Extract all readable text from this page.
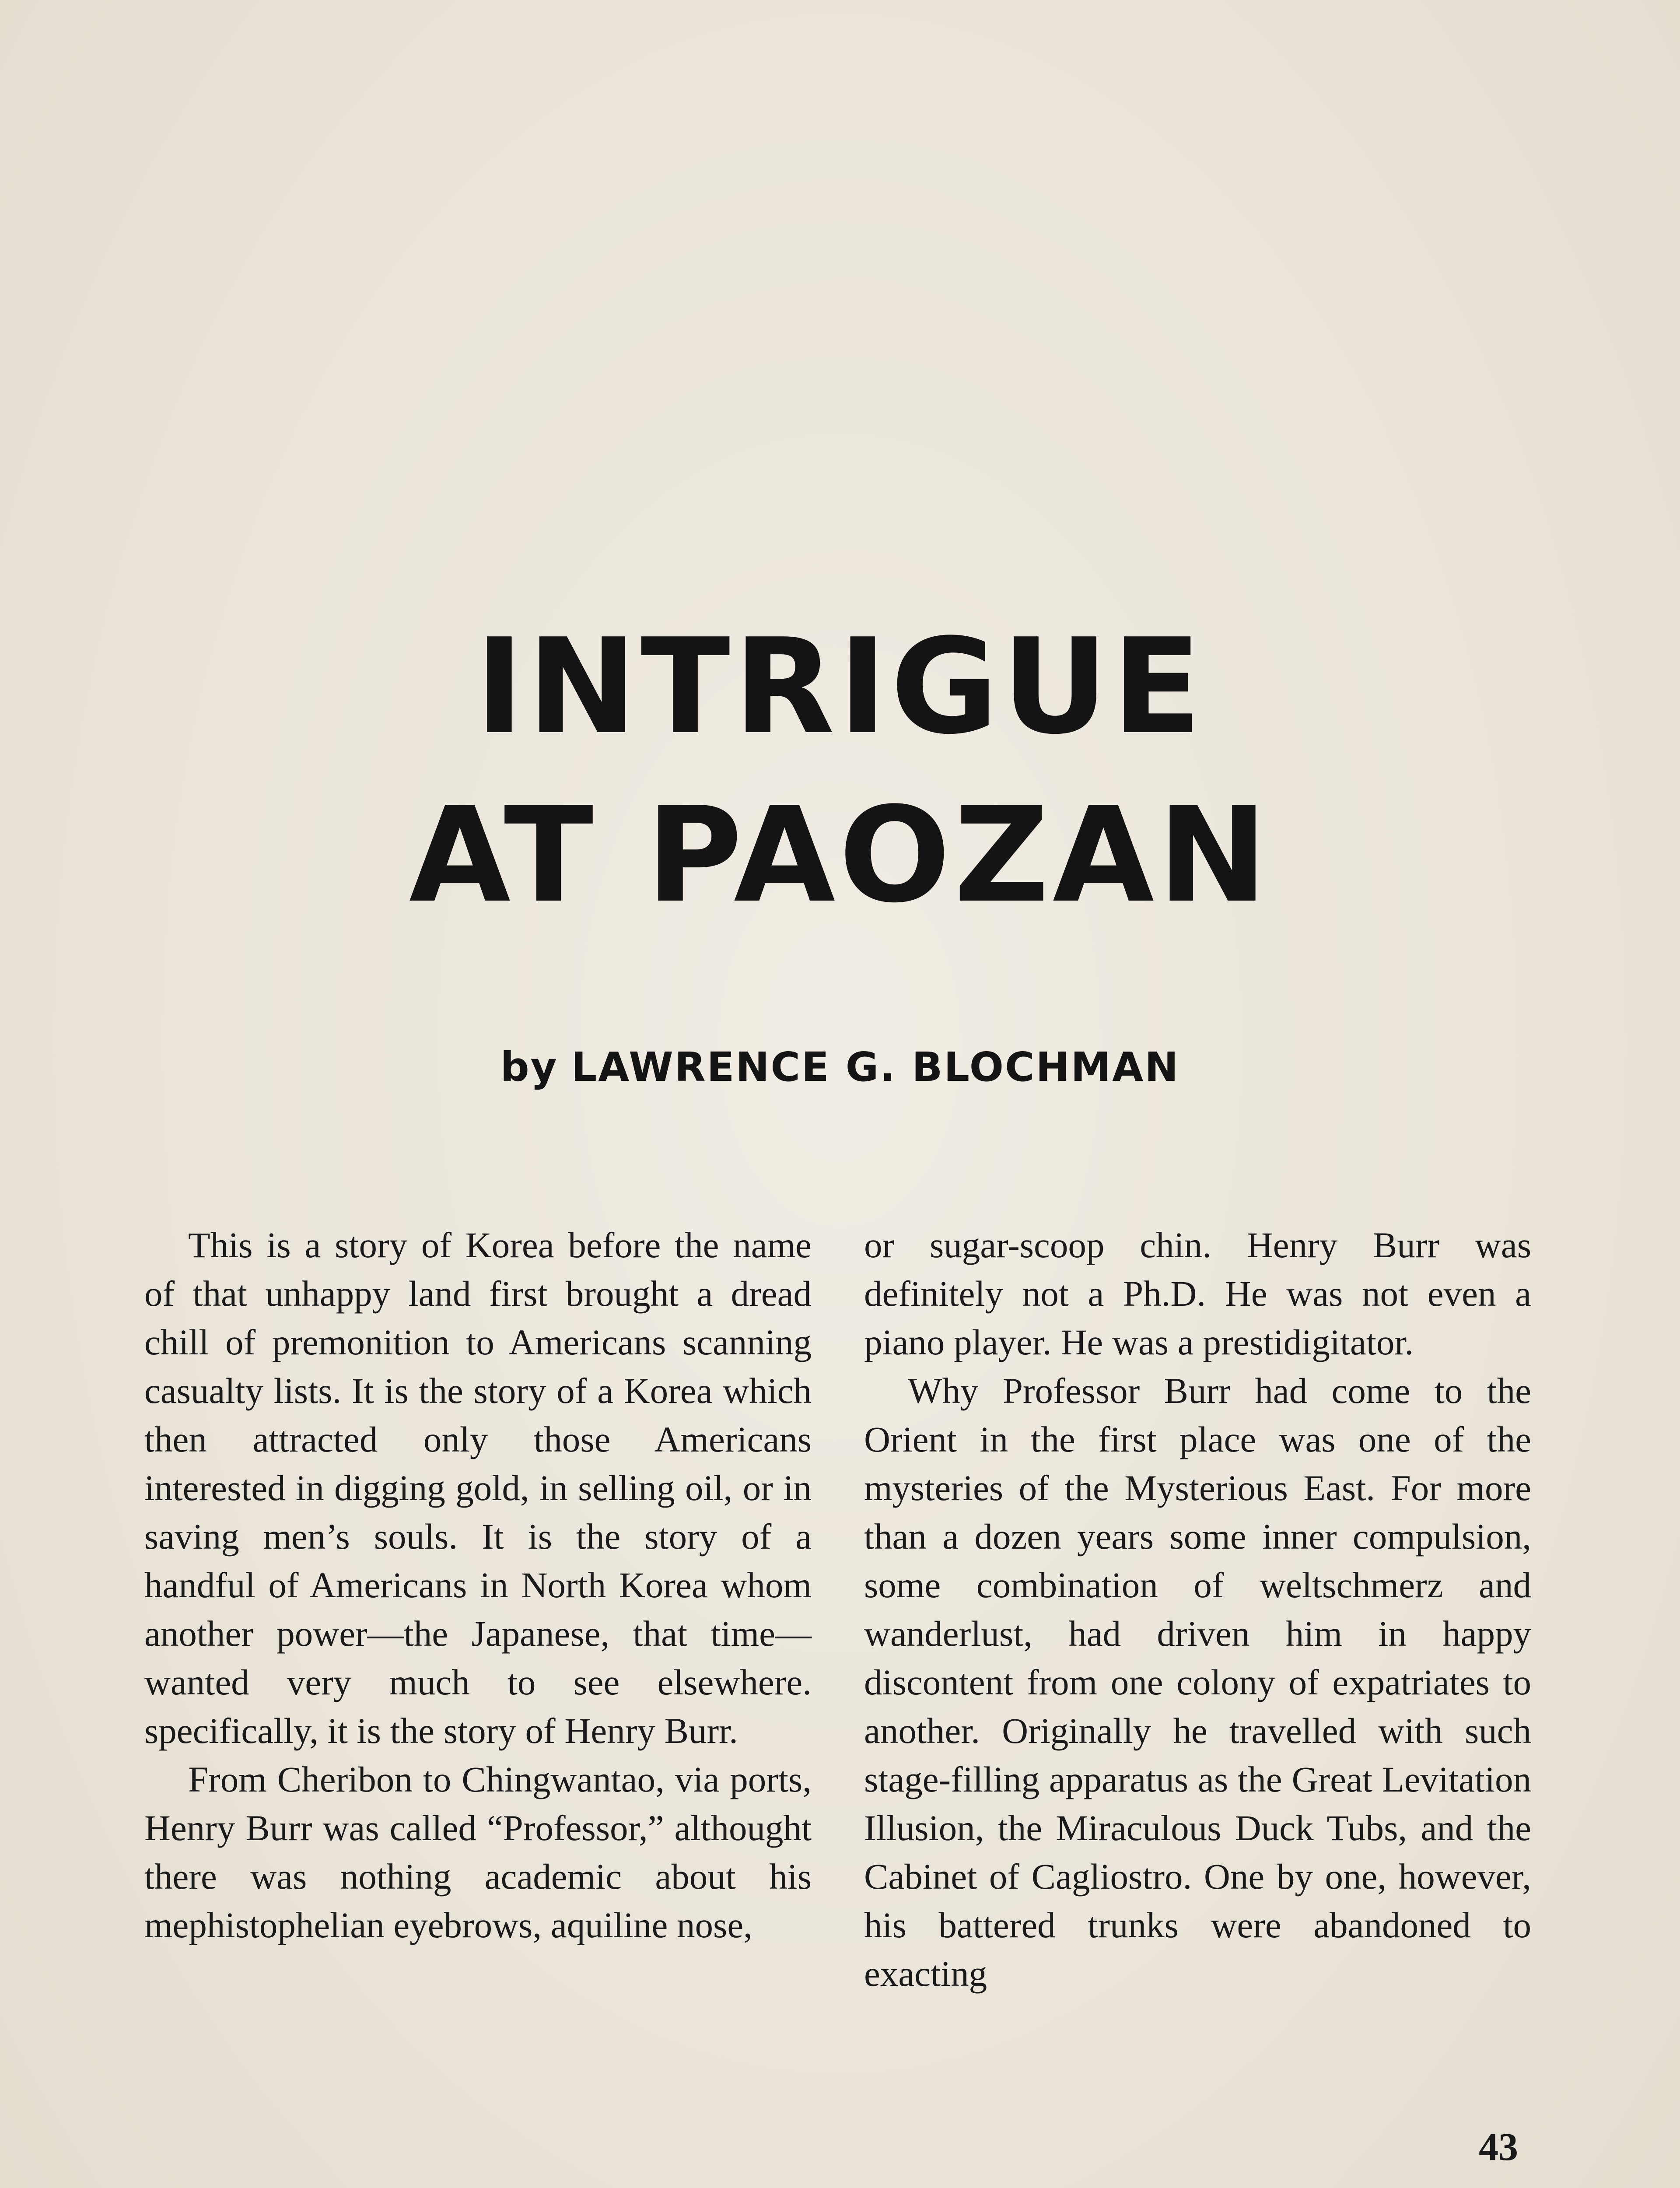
INTRIGUE
AT PAOZAN
by LAWRENCE G. BLOCHMAN

This is a story of Korea before the name of that unhappy land first brought a dread chill of premonition to Americans scanning casualty lists. It is the story of a Korea which then attracted only those Americans interested in digging gold, in selling oil, or in saving men’s souls. It is the story of a handful of Americans in North Korea whom another power—the Japanese, that time—wanted very much to see elsewhere. specifically, it is the story of Henry Burr.

From Cheribon to Chingwantao, via ports, Henry Burr was called “Professor,” althought there was nothing academic about his mephistophelian eyebrows, aquiline nose,

or sugar-scoop chin. Henry Burr was definitely not a Ph.D. He was not even a piano player. He was a prestidigitator.

Why Professor Burr had come to the Orient in the first place was one of the mysteries of the Mysterious East. For more than a dozen years some inner compulsion, some combination of weltschmerz and wanderlust, had driven him in happy discontent from one colony of expatriates to another. Originally he travelled with such stage-filling apparatus as the Great Levitation Illusion, the Miraculous Duck Tubs, and the Cabinet of Cagliostro. One by one, however, his battered trunks were abandoned to exacting

43
